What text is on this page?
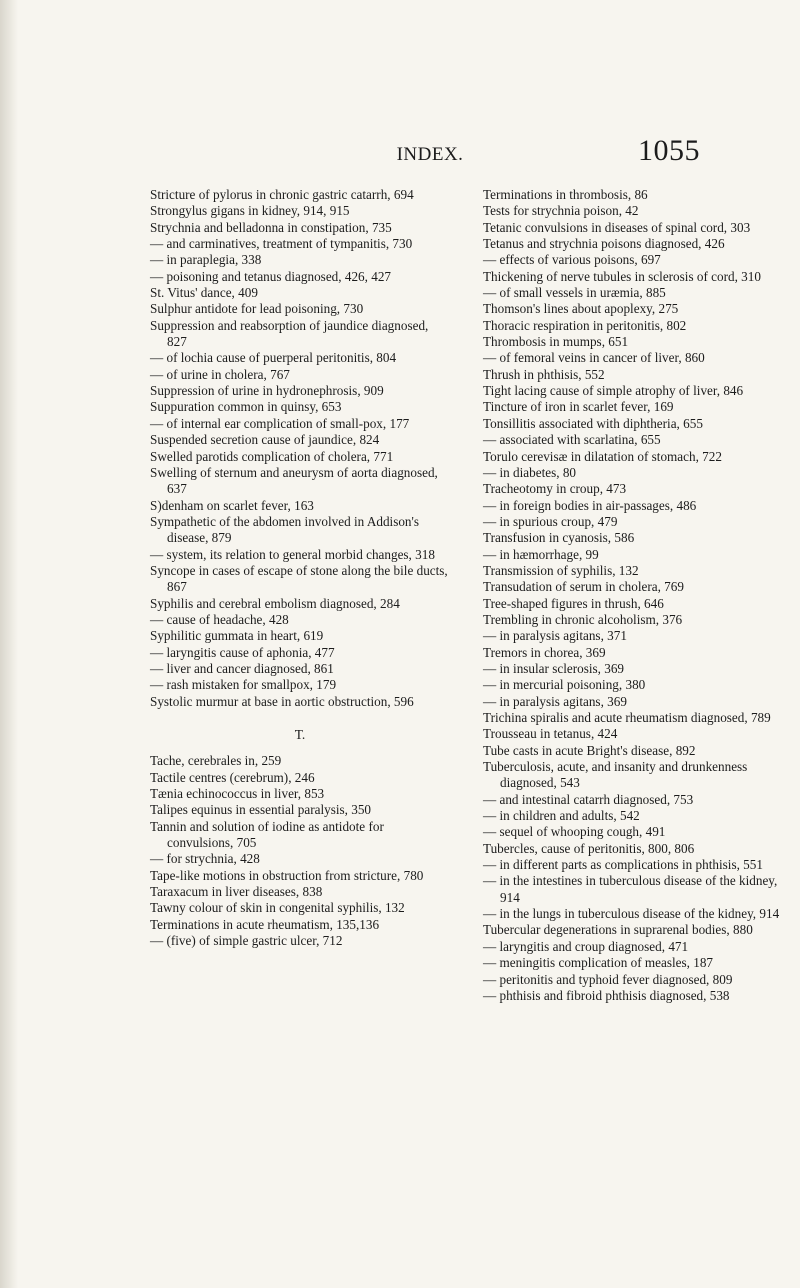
INDEX.	1055

Stricture of pylorus in chronic gastric catarrh, 694

Strongylus gigans in kidney, 914, 915

Strychnia and belladonna in constipation, 735

— and carminatives, treatment of tympanitis, 730

— in paraplegia, 338

— poisoning and tetanus diagnosed, 426, 427

St. Vitus' dance, 409

Sulphur antidote for lead poisoning, 730

Suppression and reabsorption of jaundice diagnosed, 827

— of lochia cause of puerperal peritonitis, 804

— of urine in cholera, 767

Suppression of urine in hydronephrosis, 909

Suppuration common in quinsy, 653

— of internal ear complication of small-pox, 177

Suspended secretion cause of jaundice, 824

Swelled parotids complication of cholera, 771

Swelling of sternum and aneurysm of aorta diagnosed, 637

S)denham on scarlet fever, 163

Sympathetic of the abdomen involved in Addison's disease, 879

— system, its relation to general morbid changes, 318

Syncope in cases of escape of stone along the bile ducts, 867

Syphilis and cerebral embolism diagnosed, 284

— cause of headache, 428

Syphilitic gummata in heart, 619

— laryngitis cause of aphonia, 477

— liver and cancer diagnosed, 861

— rash mistaken for smallpox, 179

Systolic murmur at base in aortic obstruction, 596

T.

Tache, cerebrales in, 259

Tactile centres (cerebrum), 246

Tænia echinococcus in liver, 853

Talipes equinus in essential paralysis, 350

Tannin and solution of iodine as antidote for convulsions, 705

— for strychnia, 428

Tape-like motions in obstruction from stricture, 780

Taraxacum in liver diseases, 838

Tawny colour of skin in congenital syphilis, 132

Terminations in acute rheumatism, 135,136

— (five) of simple gastric ulcer, 712

Terminations in thrombosis, 86

Tests for strychnia poison, 42

Tetanic convulsions in diseases of spinal cord, 303

Tetanus and strychnia poisons diagnosed, 426

— effects of various poisons, 697

Thickening of nerve tubules in sclerosis of cord, 310

— of small vessels in uræmia, 885

Thomson's lines about apoplexy, 275

Thoracic respiration in peritonitis, 802

Thrombosis in mumps, 651

— of femoral veins in cancer of liver, 860

Thrush in phthisis, 552

Tight lacing cause of simple atrophy of liver, 846

Tincture of iron in scarlet fever, 169

Tonsillitis associated with diphtheria, 655

— associated with scarlatina, 655

Torulo cerevisæ in dilatation of stomach, 722

— in diabetes, 80

Tracheotomy in croup, 473

— in foreign bodies in air-passages, 486

— in spurious croup, 479

Transfusion in cyanosis, 586

— in hæmorrhage, 99

Transmission of syphilis, 132

Transudation of serum in cholera, 769

Tree-shaped figures in thrush, 646

Trembling in chronic alcoholism, 376

— in paralysis agitans, 371

Tremors in chorea, 369

— in insular sclerosis, 369

— in mercurial poisoning, 380

— in paralysis agitans, 369

Trichina spiralis and acute rheumatism diagnosed, 789

Trousseau in tetanus, 424

Tube casts in acute Bright's disease, 892

Tuberculosis, acute, and insanity and drunkenness diagnosed, 543

— and intestinal catarrh diagnosed, 753

— in children and adults, 542

— sequel of whooping cough, 491

Tubercles, cause of peritonitis, 800, 806

— in different parts as complications in phthisis, 551

— in the intestines in tuberculous disease of the kidney, 914

— in the lungs in tuberculous disease of the kidney, 914

Tubercular degenerations in suprarenal bodies, 880

— laryngitis and croup diagnosed, 471

— meningitis complication of measles, 187

— peritonitis and typhoid fever diagnosed, 809

— phthisis and fibroid phthisis diagnosed, 538
